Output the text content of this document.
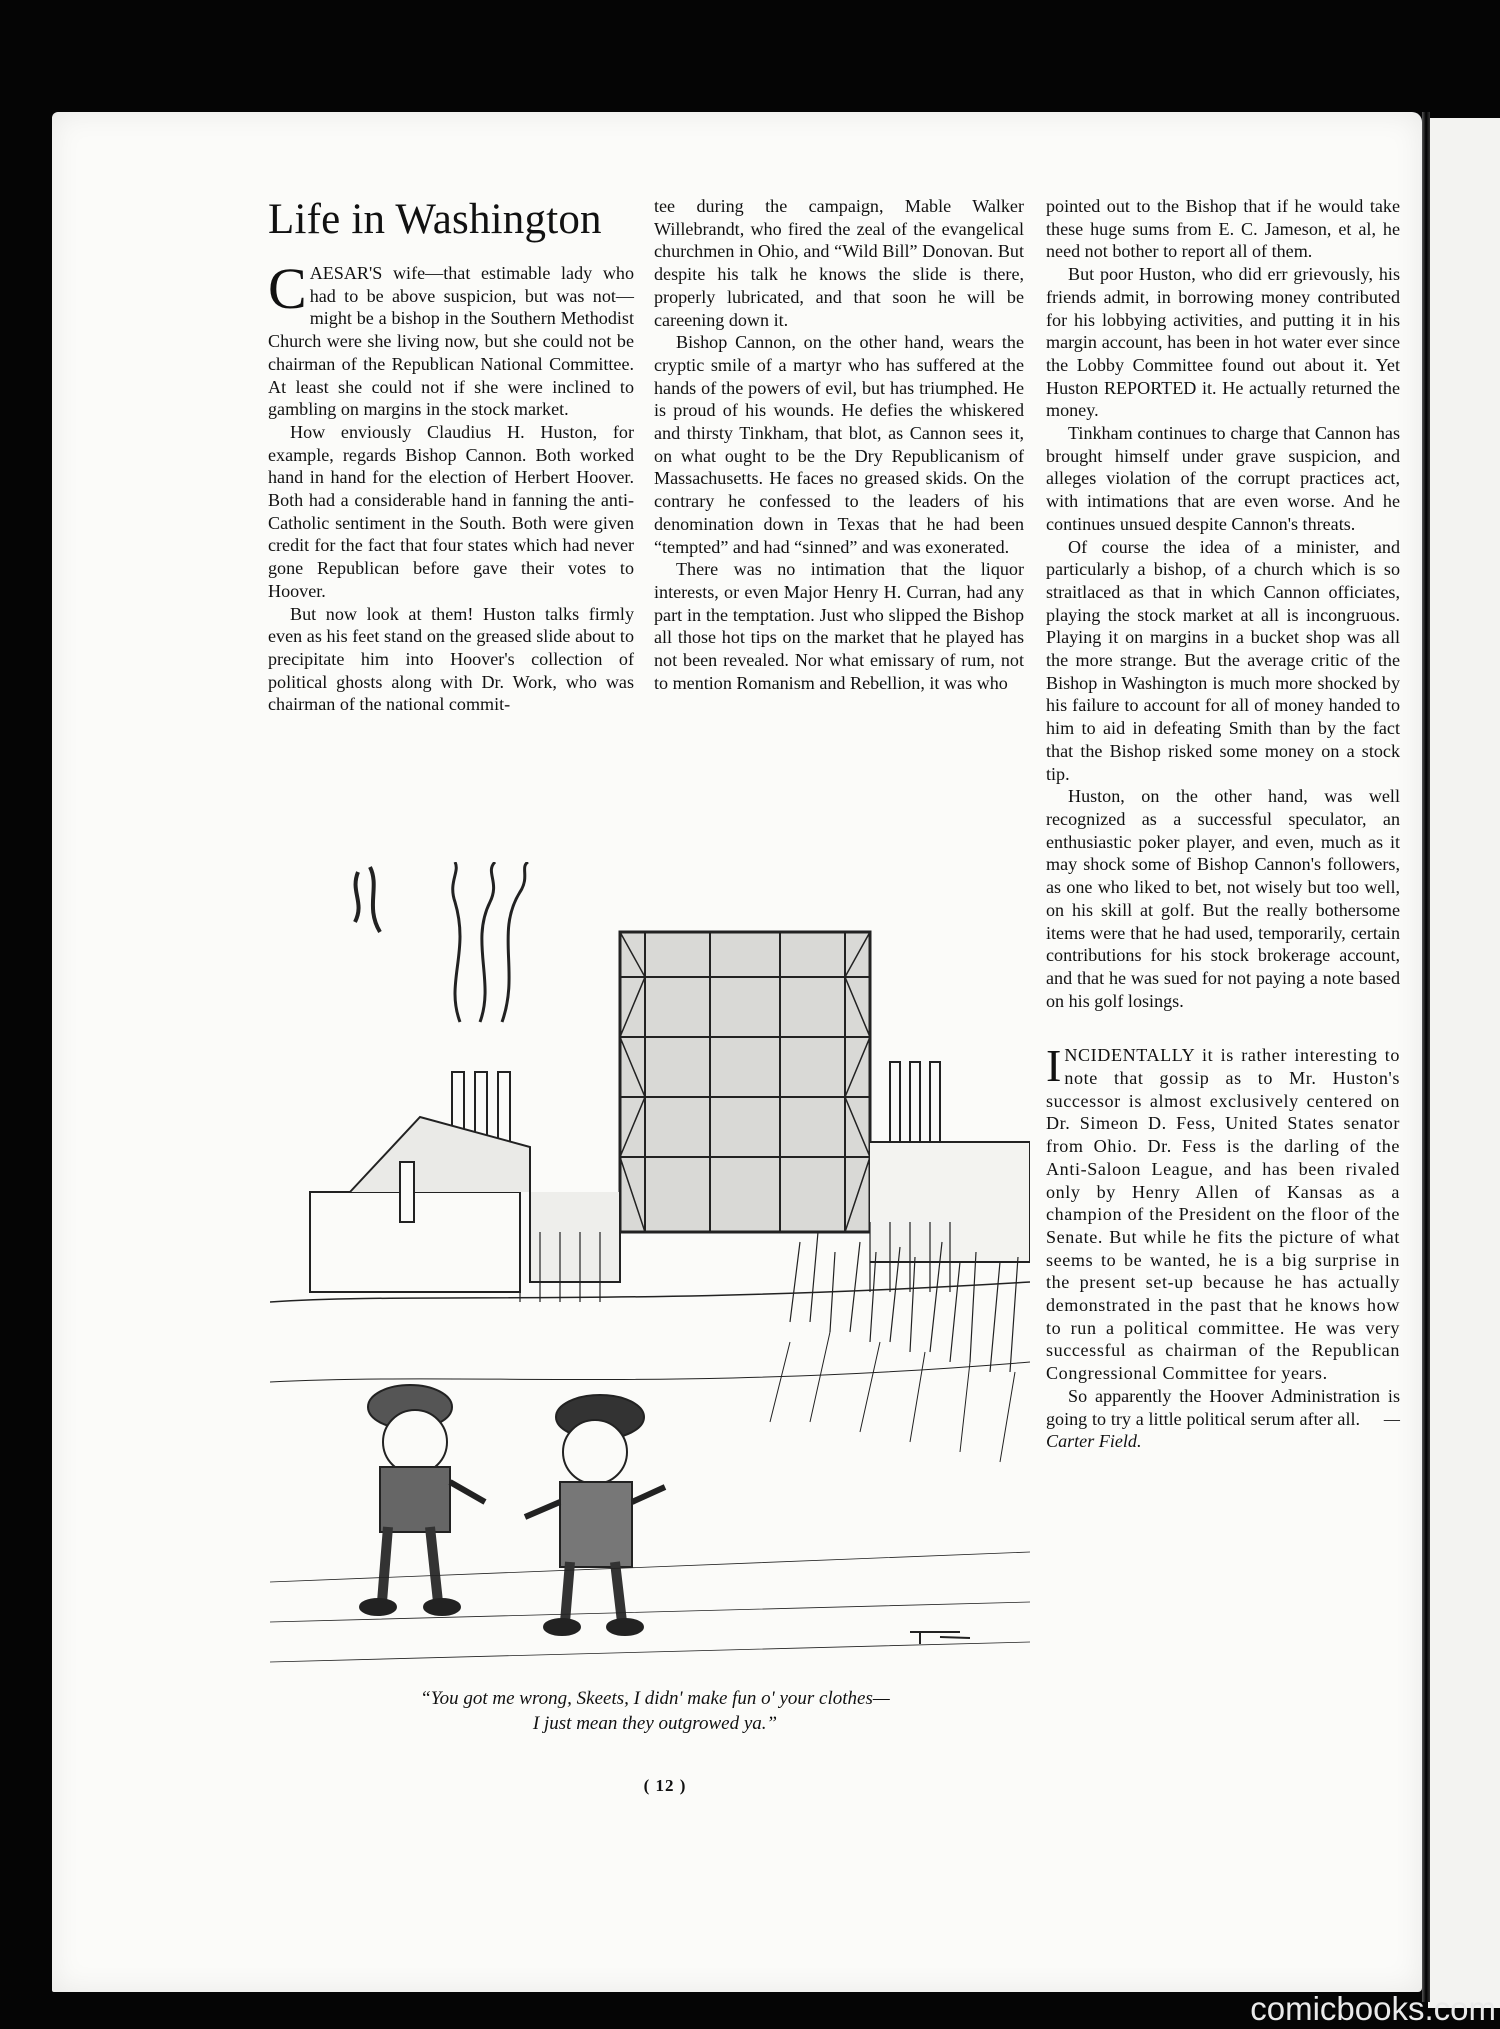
Life in Washington

CAESAR'S wife—that estimable lady who had to be above suspicion, but was not—might be a bishop in the Southern Methodist Church were she living now, but she could not be chairman of the Republican National Committee. At least she could not if she were inclined to gambling on margins in the stock market.

How enviously Claudius H. Huston, for example, regards Bishop Cannon. Both worked hand in hand for the election of Herbert Hoover. Both had a considerable hand in fanning the anti-Catholic sentiment in the South. Both were given credit for the fact that four states which had never gone Republican before gave their votes to Hoover.

But now look at them! Huston talks firmly even as his feet stand on the greased slide about to precipitate him into Hoover's collection of political ghosts along with Dr. Work, who was chairman of the national commit-

tee during the campaign, Mable Walker Willebrandt, who fired the zeal of the evangelical churchmen in Ohio, and “Wild Bill” Donovan. But despite his talk he knows the slide is there, properly lubricated, and that soon he will be careening down it.

Bishop Cannon, on the other hand, wears the cryptic smile of a martyr who has suffered at the hands of the powers of evil, but has triumphed. He is proud of his wounds. He defies the whiskered and thirsty Tinkham, that blot, as Cannon sees it, on what ought to be the Dry Republicanism of Massachusetts. He faces no greased skids. On the contrary he confessed to the leaders of his denomination down in Texas that he had been “tempted” and had “sinned” and was exonerated.

There was no intimation that the liquor interests, or even Major Henry H. Curran, had any part in the temptation. Just who slipped the Bishop all those hot tips on the market that he played has not been revealed. Nor what emissary of rum, not to mention Romanism and Rebellion, it was who

pointed out to the Bishop that if he would take these huge sums from E. C. Jameson, et al, he need not bother to report all of them.

But poor Huston, who did err grievously, his friends admit, in borrowing money contributed for his lobbying activities, and putting it in his margin account, has been in hot water ever since the Lobby Committee found out about it. Yet Huston REPORTED it. He actually returned the money.

Tinkham continues to charge that Cannon has brought himself under grave suspicion, and alleges violation of the corrupt practices act, with intimations that are even worse. And he continues unsued despite Cannon's threats.

Of course the idea of a minister, and particularly a bishop, of a church which is so straitlaced as that in which Cannon officiates, playing the stock market at all is incongruous. Playing it on margins in a bucket shop was all the more strange. But the average critic of the Bishop in Washington is much more shocked by his failure to account for all of money handed to him to aid in defeating Smith than by the fact that the Bishop risked some money on a stock tip.

Huston, on the other hand, was well recognized as a successful speculator, an enthusiastic poker player, and even, much as it may shock some of Bishop Cannon's followers, as one who liked to bet, not wisely but too well, on his skill at golf. But the really bothersome items were that he had used, temporarily, certain contributions for his stock brokerage account, and that he was sued for not paying a note based on his golf losings.

INCIDENTALLY it is rather interesting to note that gossip as to Mr. Huston's successor is almost exclusively centered on Dr. Simeon D. Fess, United States senator from Ohio. Dr. Fess is the darling of the Anti-Saloon League, and has been rivaled only by Henry Allen of Kansas as a champion of the President on the floor of the Senate. But while he fits the picture of what seems to be wanted, he is a big surprise in the present set-up because he has actually demonstrated in the past that he knows how to run a political committee. He was very successful as chairman of the Republican Congressional Committee for years.

So apparently the Hoover Administration is going to try a little political serum after all. —Carter Field.

“You got me wrong, Skeets, I didn' make fun o' your clothes—
I just mean they outgrowed ya.”

( 12 )

comicbooks.com
